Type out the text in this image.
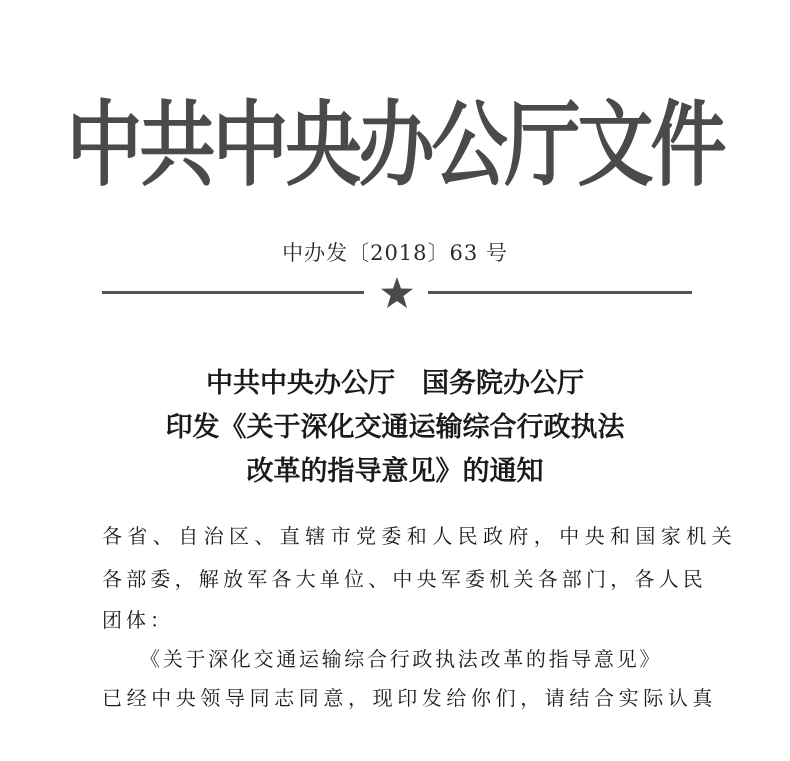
中共中央办公厅文件
中办发〔2018〕63 号
中共中央办公厅　国务院办公厅
印发《关于深化交通运输综合行政执法
改革的指导意见》的通知
各省、自治区、直辖市党委和人民政府，中央和国家机关
各部委，解放军各大单位、中央军委机关各部门，各人民
团体：
《关于深化交通运输综合行政执法改革的指导意见》
已经中央领导同志同意，现印发给你们，请结合实际认真
